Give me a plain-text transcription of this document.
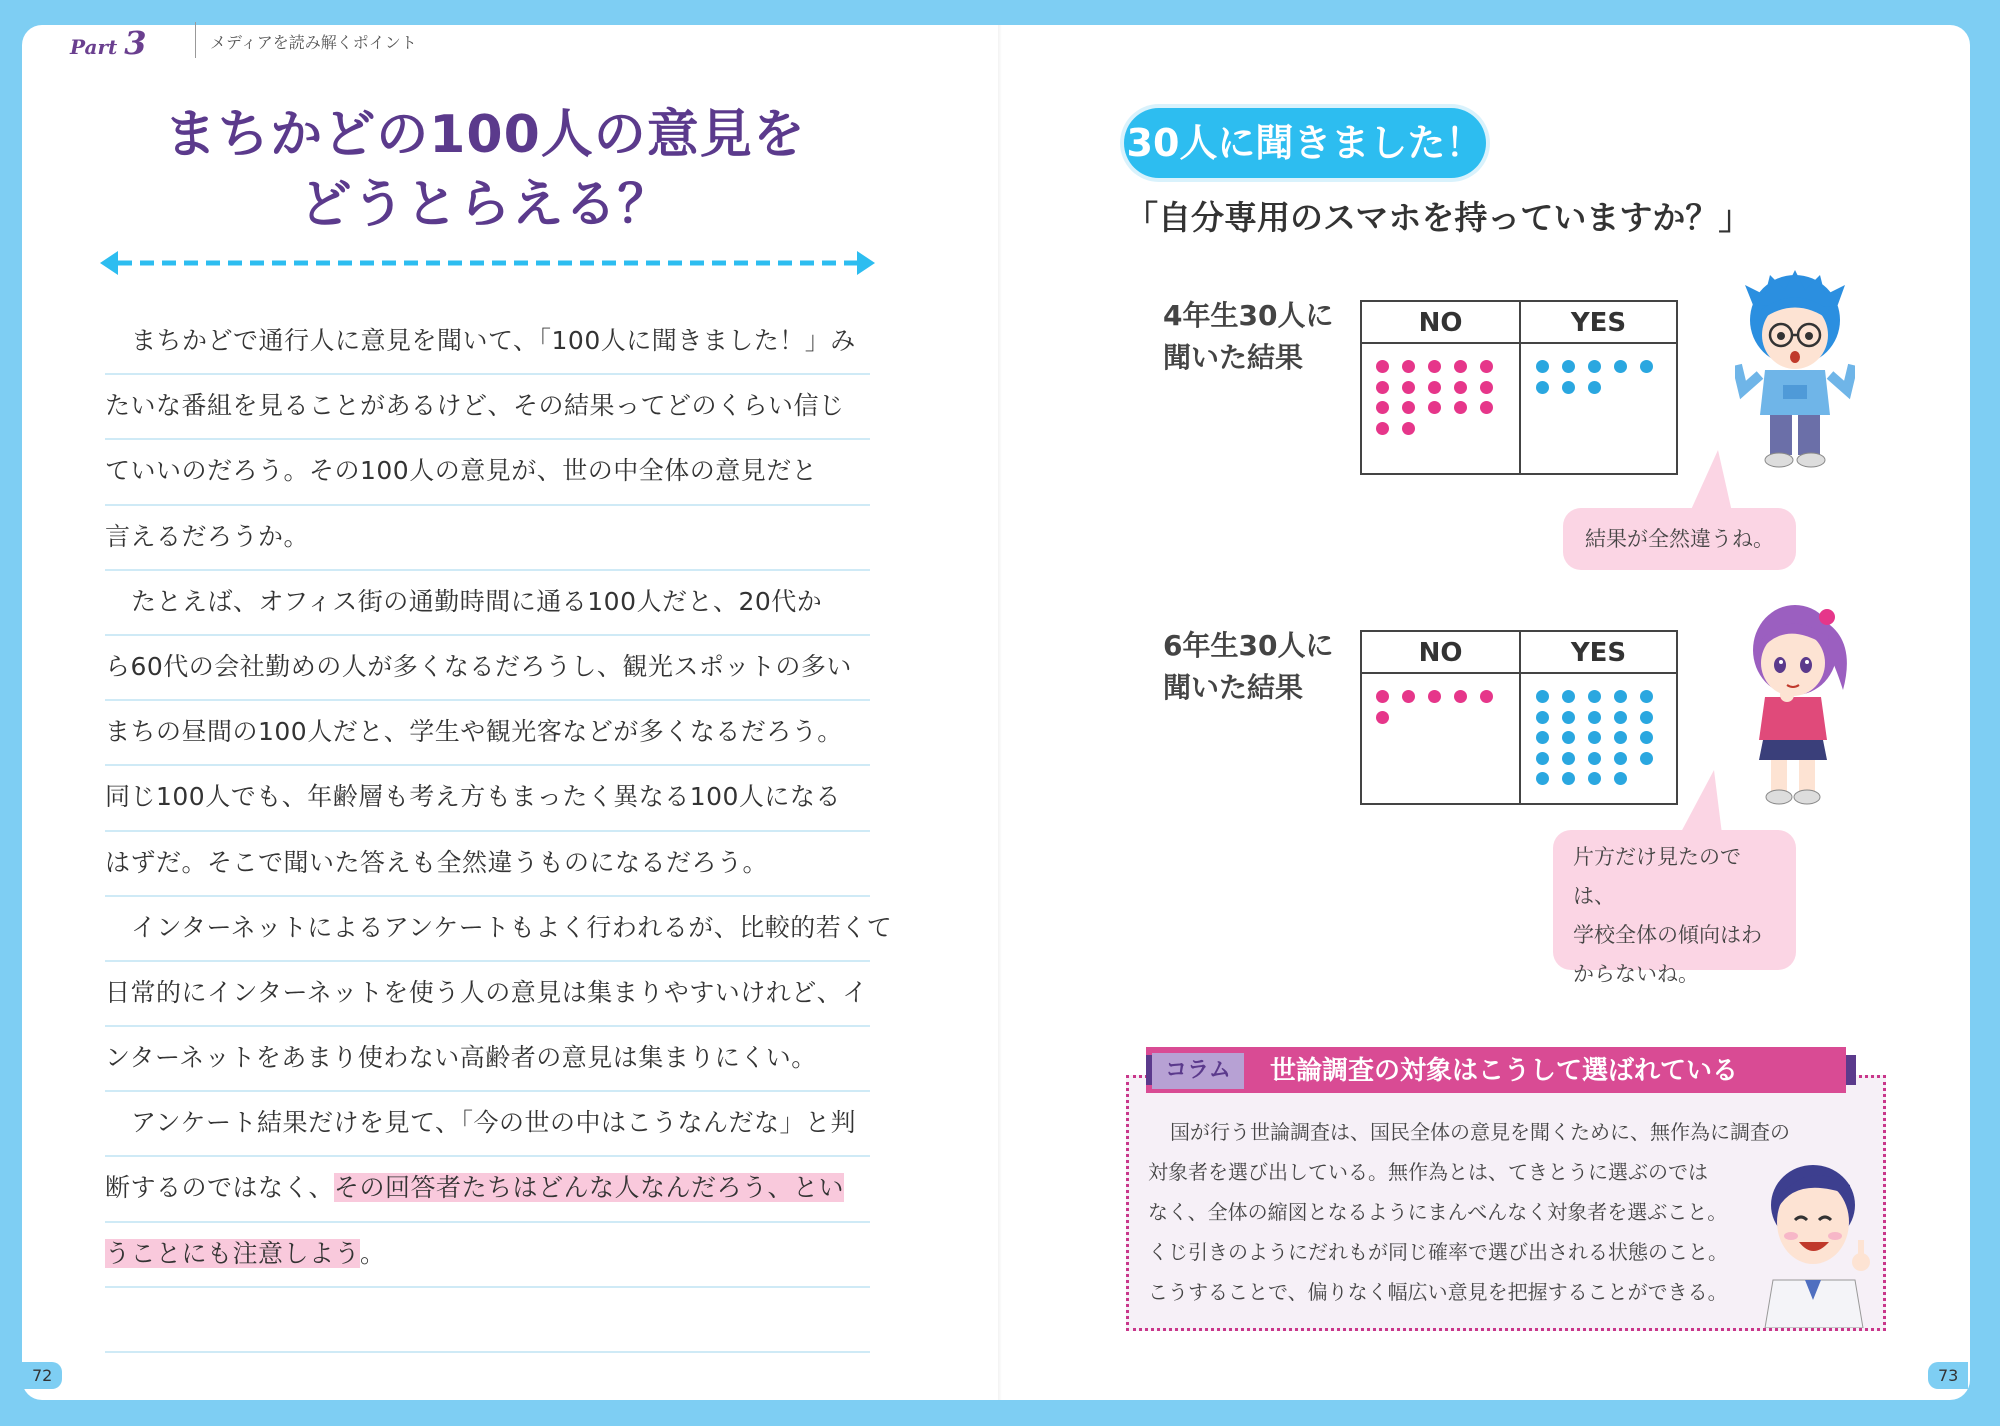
Part 3	メディアを読み解くポイント
まちかどの100人の意見を
どうとらえる？
まちかどで通行人に意見を聞いて、「100人に聞きました！」み
たいな番組を見ることがあるけど、その結果ってどのくらい信じ
ていいのだろう。その100人の意見が、世の中全体の意見だと
言えるだろうか。
たとえば、オフィス街の通勤時間に通る100人だと、20代か
ら60代の会社勤めの人が多くなるだろうし、観光スポットの多い
まちの昼間の100人だと、学生や観光客などが多くなるだろう。
同じ100人でも、年齢層も考え方もまったく異なる100人になる
はずだ。そこで聞いた答えも全然違うものになるだろう。
インターネットによるアンケートもよく行われるが、比較的若くて
日常的にインターネットを使う人の意見は集まりやすいけれど、イ
ンターネットをあまり使わない高齢者の意見は集まりにくい。
アンケート結果だけを見て、「今の世の中はこうなんだな」と判
断するのではなく、その回答者たちはどんな人なんだろう、とい
うことにも注意しよう。
72	73
30人に聞きました！
「自分専用のスマホを持っていますか？」
4年生30人に
聞いた結果
NO	YES
結果が全然違うね。
6年生30人に
聞いた結果
NO	YES
片方だけ見たのでは、
学校全体の傾向はわ
からないね。
コラム	世論調査の対象はこうして選ばれている
国が行う世論調査は、国民全体の意見を聞くために、無作為に調査の
対象者を選び出している。無作為とは、てきとうに選ぶのでは
なく、全体の縮図となるようにまんべんなく対象者を選ぶこと。
くじ引きのようにだれもが同じ確率で選び出される状態のこと。
こうすることで、偏りなく幅広い意見を把握することができる。
